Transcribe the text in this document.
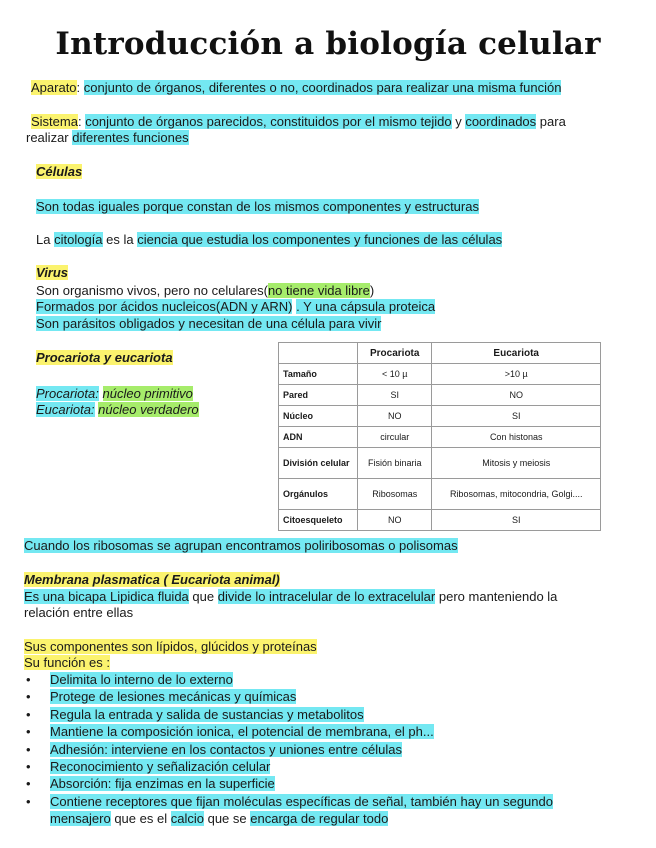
Introducción a biología celular
Aparato: conjunto de órganos, diferentes o no, coordinados para realizar una misma función
Sistema: conjunto de órganos parecidos, constituidos por el mismo tejido y coordinados para
realizar diferentes funciones
Células
Son todas iguales porque constan de los mismos componentes y estructuras
La citología es la ciencia que estudia los componentes y funciones de las células
Virus
Son organismo vivos, pero no celulares(no tiene vida libre)
Formados por ácidos nucleicos(ADN y ARN) . Y una cápsula proteica
Son parásitos obligados y necesitan de una célula para vivir
Procariota y eucariota
Procariota: núcleo primitivo
Eucariota: núcleo verdadero
	Procariota	Eucariota
Tamaño	< 10 µ	>10 µ
Pared	SI	NO
Núcleo	NO	SI
ADN	circular	Con histonas
División celular	Fisión binaria	Mitosis y meiosis
Orgánulos	Ribosomas	Ribosomas, mitocondria, Golgi....
Citoesqueleto	NO	SI
Cuando los ribosomas se agrupan encontramos poliribosomas o polisomas
Membrana plasmatica ( Eucariota animal)
Es una bicapa Lipidica fluida que divide lo intracelular de lo extracelular pero manteniendo la
relación entre ellas
Sus componentes son lípidos, glúcidos y proteínas
Su función es :
• Delimita lo interno de lo externo
• Protege de lesiones mecánicas y químicas
• Regula la entrada y salida de sustancias y metabolitos
• Mantiene la composición ionica, el potencial de membrana, el ph...
• Adhesión: interviene en los contactos y uniones entre células
• Reconocimiento y señalización celular
• Absorción: fija enzimas en la superficie
• Contiene receptores que fijan moléculas específicas de señal, también hay un segundo
mensajero que es el calcio que se encarga de regular todo
